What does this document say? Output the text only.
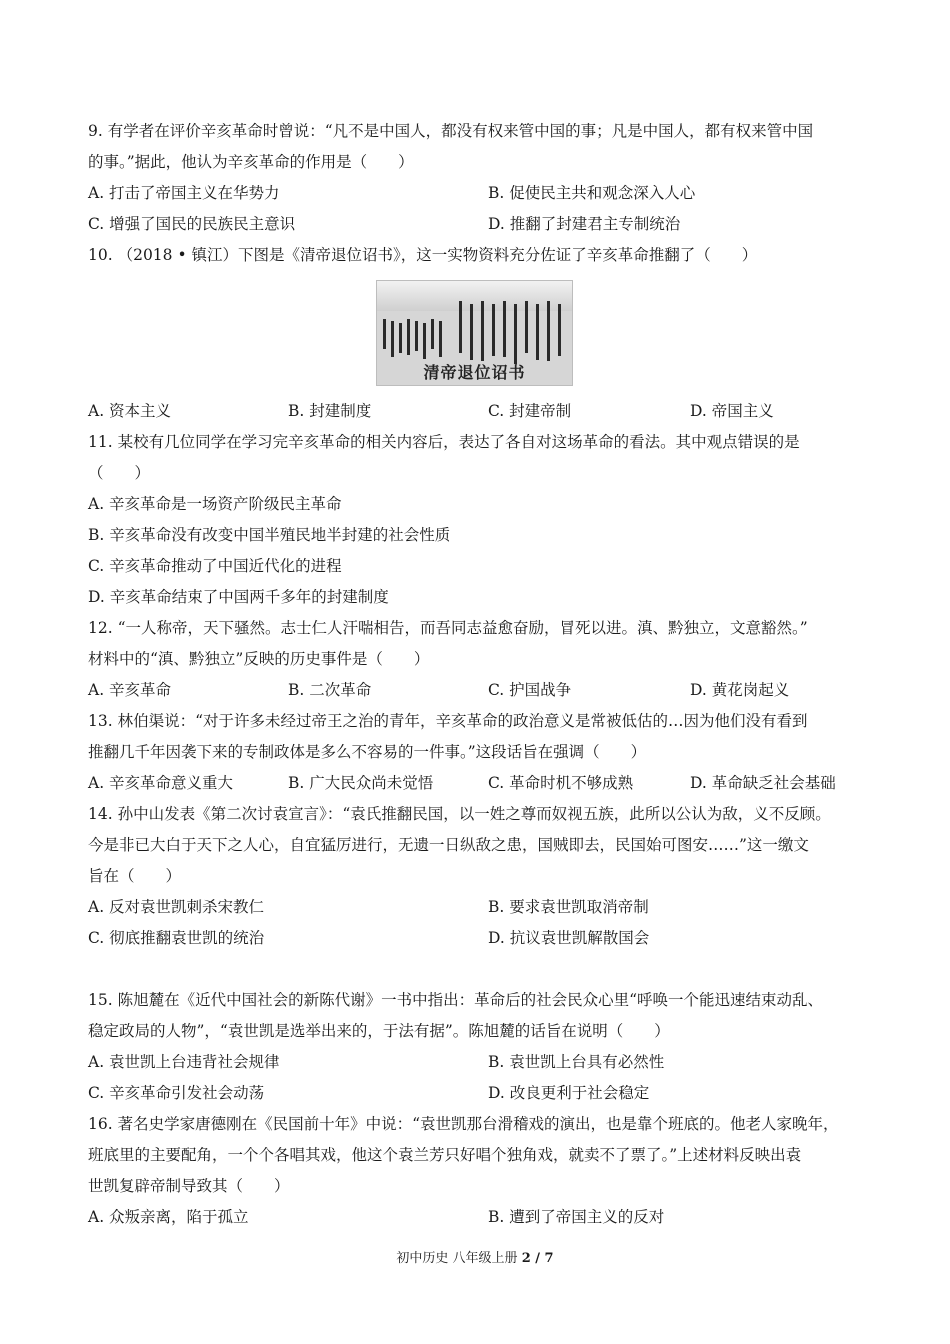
9. 有学者在评价辛亥革命时曾说：“凡不是中国人，都没有权来管中国的事；凡是中国人，都有权来管中国
的事。”据此，他认为辛亥革命的作用是（　　）
A. 打击了帝国主义在华势力	B. 促使民主共和观念深入人心
C. 增强了国民的民族民主意识	D. 推翻了封建君主专制统治
10. （2018 • 镇江）下图是《清帝退位诏书》，这一实物资料充分佐证了辛亥革命推翻了（　　）
清帝退位诏书
A. 资本主义	B. 封建制度	C. 封建帝制	D. 帝国主义
11. 某校有几位同学在学习完辛亥革命的相关内容后，表达了各自对这场革命的看法。其中观点错误的是
（　　）
A. 辛亥革命是一场资产阶级民主革命
B. 辛亥革命没有改变中国半殖民地半封建的社会性质
C. 辛亥革命推动了中国近代化的进程
D. 辛亥革命结束了中国两千多年的封建制度
12. “一人称帝，天下骚然。志士仁人汗喘相告，而吾同志益愈奋励，冒死以进。滇、黔独立，文意豁然。”
材料中的“滇、黔独立”反映的历史事件是（　　）
A. 辛亥革命	B. 二次革命	C. 护国战争	D. 黄花岗起义
13. 林伯渠说：“对于许多未经过帝王之治的青年，辛亥革命的政治意义是常被低估的…因为他们没有看到
推翻几千年因袭下来的专制政体是多么不容易的一件事。”这段话旨在强调（　　）
A. 辛亥革命意义重大	B. 广大民众尚未觉悟	C. 革命时机不够成熟	D. 革命缺乏社会基础
14. 孙中山发表《第二次讨袁宣言》：“袁氏推翻民国，以一姓之尊而奴视五族，此所以公认为敌，义不反顾。
今是非已大白于天下之人心，自宜猛厉进行，无遗一日纵敌之患，国贼即去，民国始可图安……”这一缴文
旨在（　　）
A. 反对袁世凯刺杀宋教仁	B. 要求袁世凯取消帝制
C. 彻底推翻袁世凯的统治	D. 抗议袁世凯解散国会
15. 陈旭麓在《近代中国社会的新陈代谢》一书中指出：革命后的社会民众心里“呼唤一个能迅速结束动乱、
稳定政局的人物”，“袁世凯是选举出来的，于法有据”。陈旭麓的话旨在说明（　　）
A. 袁世凯上台违背社会规律	B. 袁世凯上台具有必然性
C. 辛亥革命引发社会动荡	D. 改良更利于社会稳定
16. 著名史学家唐德刚在《民国前十年》中说：“袁世凯那台滑稽戏的演出，也是靠个班底的。他老人家晚年，
班底里的主要配角，一个个各唱其戏，他这个袁兰芳只好唱个独角戏，就卖不了票了。”上述材料反映出袁
世凯复辟帝制导致其（　　）
A. 众叛亲离，陷于孤立	B. 遭到了帝国主义的反对
初中历史 八年级上册 2 / 7
